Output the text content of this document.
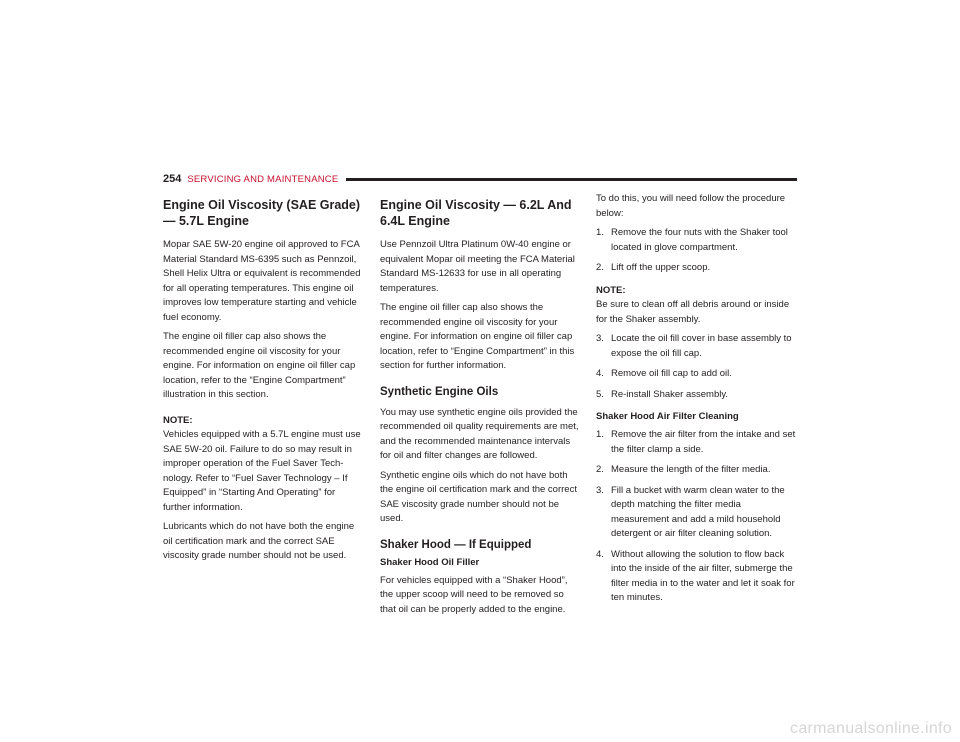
254 SERVICING AND MAINTENANCE
Engine Oil Viscosity (SAE Grade) — 5.7L Engine

Mopar SAE 5W-20 engine oil approved to FCA Material Standard MS-6395 such as Pennzoil, Shell Helix Ultra or equivalent is recommended for all operating temperatures. This engine oil improves low temperature starting and vehicle fuel economy.

The engine oil filler cap also shows the recommended engine oil viscosity for your engine. For information on engine oil filler cap location, refer to the “Engine Compartment” illustration in this section.

NOTE:

Vehicles equipped with a 5.7L engine must use SAE 5W-20 oil. Failure to do so may result in improper operation of the Fuel Saver Tech-nology. Refer to “Fuel Saver Technology – If Equipped” in “Starting And Operating” for further information.

Lubricants which do not have both the engine oil certification mark and the correct SAE viscosity grade number should not be used.

Engine Oil Viscosity — 6.2L And 6.4L Engine

Use Pennzoil Ultra Platinum 0W-40 engine or equivalent Mopar oil meeting the FCA Material Standard MS-12633 for use in all operating temperatures.

The engine oil filler cap also shows the recommended engine oil viscosity for your engine. For information on engine oil filler cap location, refer to “Engine Compartment” in this section for further information.

Synthetic Engine Oils

You may use synthetic engine oils provided the recommended oil quality requirements are met, and the recommended maintenance intervals for oil and filter changes are followed.

Synthetic engine oils which do not have both the engine oil certification mark and the correct SAE viscosity grade number should not be used.

Shaker Hood — If Equipped
Shaker Hood Oil Filler

For vehicles equipped with a “Shaker Hood”, the upper scoop will need to be removed so that oil can be properly added to the engine.

To do this, you will need follow the procedure below:

1. Remove the four nuts with the Shaker tool located in glove compartment.
2. Lift off the upper scoop.

NOTE:

Be sure to clean off all debris around or inside for the Shaker assembly.

3. Locate the oil fill cover in base assembly to expose the oil fill cap.
4. Remove oil fill cap to add oil.
5. Re-install Shaker assembly.
Shaker Hood Air Filter Cleaning
1. Remove the air filter from the intake and set the filter clamp a side.
2. Measure the length of the filter media.
3. Fill a bucket with warm clean water to the depth matching the filter media measurement and add a mild household detergent or air filter cleaning solution.
4. Without allowing the solution to flow back into the inside of the air filter, submerge the filter media in to the water and let it soak for ten minutes.
carmanualsonline.info
